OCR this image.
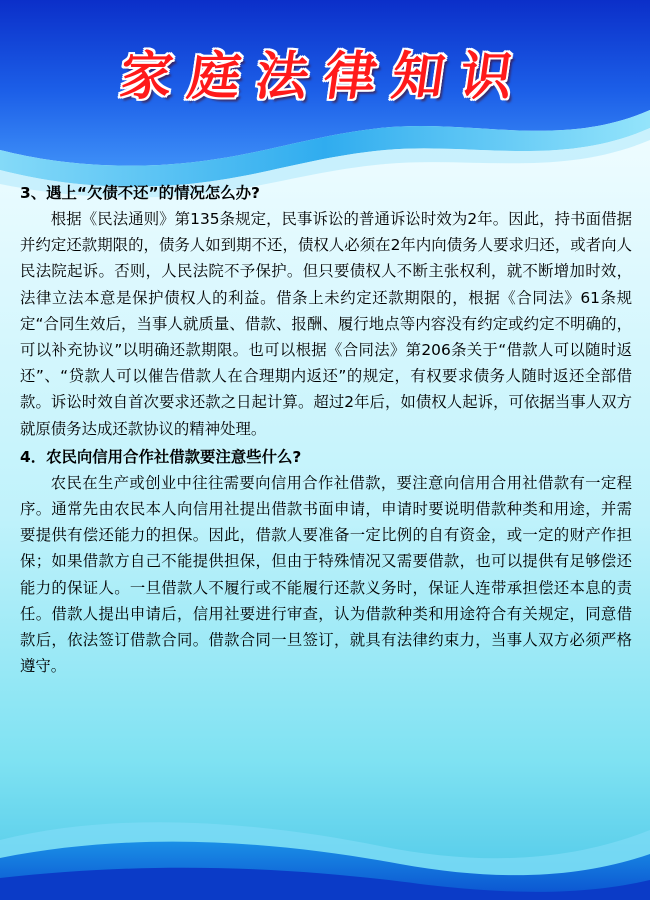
家庭法律知识

3、遇上“欠债不还”的情况怎么办?

根据《民法通则》第135条规定，民事诉讼的普通诉讼时效为2年。因此，持书面借据并约定还款期限的，债务人如到期不还，债权人必须在2年内向债务人要求归还，或者向人民法院起诉。否则，人民法院不予保护。但只要债权人不断主张权利，就不断增加时效，法律立法本意是保护债权人的利益。借条上未约定还款期限的，根据《合同法》61条规定“合同生效后，当事人就质量、借款、报酬、履行地点等内容没有约定或约定不明确的，可以补充协议”以明确还款期限。也可以根据《合同法》第206条关于“借款人可以随时返还”、“贷款人可以催告借款人在合理期内返还”的规定，有权要求债务人随时返还全部借款。诉讼时效自首次要求还款之日起计算。超过2年后，如债权人起诉，可依据当事人双方就原债务达成还款协议的精神处理。

4．农民向信用合作社借款要注意些什么?

农民在生产或创业中往往需要向信用合作社借款，要注意向信用合用社借款有一定程序。通常先由农民本人向信用社提出借款书面申请，申请时要说明借款种类和用途，并需要提供有偿还能力的担保。因此，借款人要准备一定比例的自有资金，或一定的财产作担保；如果借款方自己不能提供担保，但由于特殊情况又需要借款，也可以提供有足够偿还能力的保证人。一旦借款人不履行或不能履行还款义务时，保证人连带承担偿还本息的责任。借款人提出申请后，信用社要进行审查，认为借款种类和用途符合有关规定，同意借款后，依法签订借款合同。借款合同一旦签订，就具有法律约束力，当事人双方必须严格遵守。
